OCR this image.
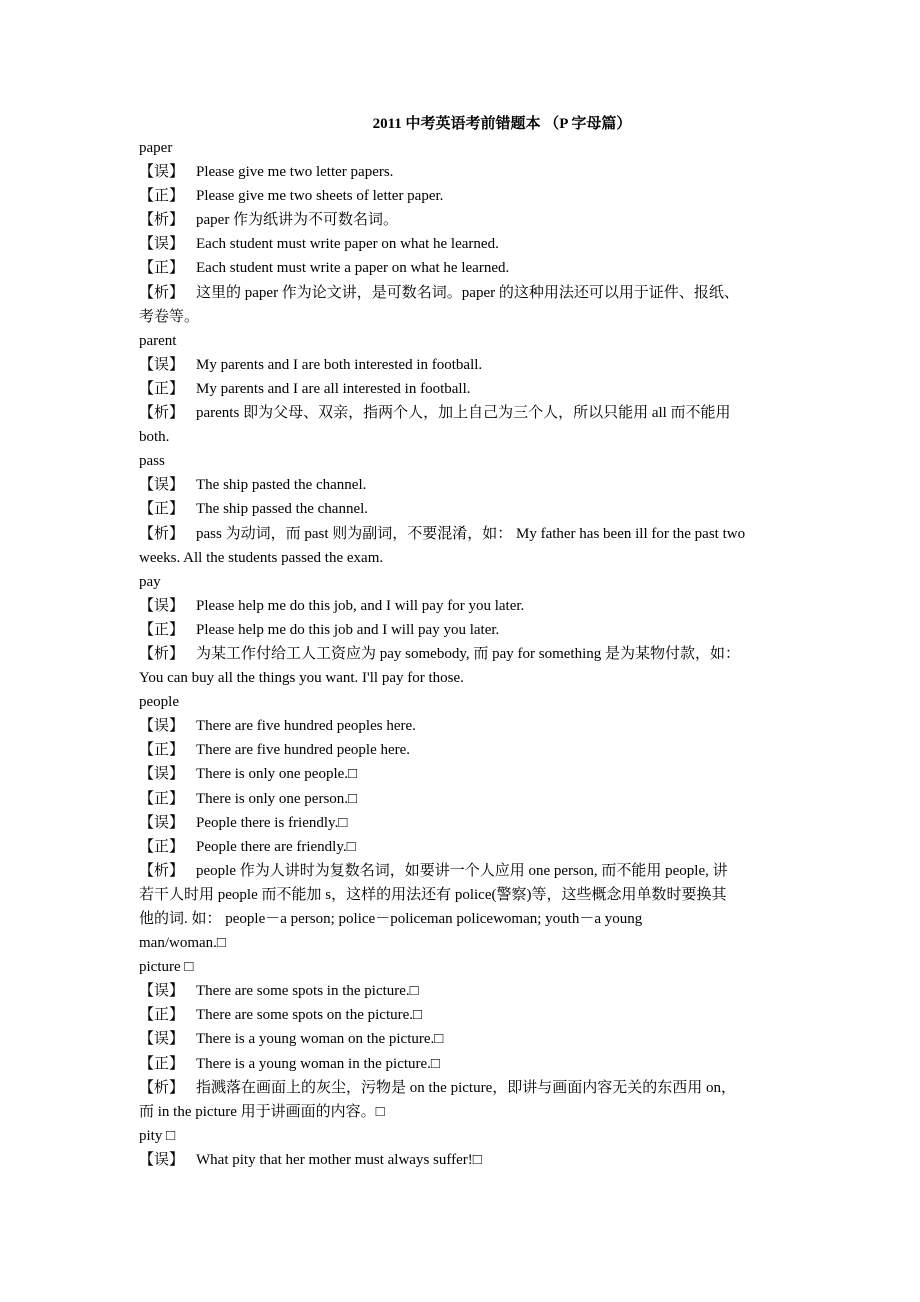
2011 中考英语考前错题本 （P 字母篇）
paper
【误】 Please give me two letter papers.
【正】 Please give me two sheets of letter paper.
【析】 paper 作为纸讲为不可数名词。
【误】 Each student must write paper on what he learned.
【正】 Each student must write a paper on what he learned.
【析】 这里的 paper 作为论文讲，是可数名词。paper 的这种用法还可以用于证件、报纸、
考卷等。
parent
【误】 My parents and I are both interested in football.
【正】 My parents and I are all interested in football.
【析】 parents 即为父母、双亲，指两个人，加上自己为三个人，所以只能用 all 而不能用
both.
pass
【误】 The ship pasted the channel.
【正】 The ship passed the channel.
【析】 pass 为动词，而 past 则为副词，不要混淆，如： My father has been ill for the past two
weeks. All the students passed the exam.
pay
【误】 Please help me do this job, and I will pay for you later.
【正】 Please help me do this job and I will pay you later.
【析】 为某工作付给工人工资应为 pay somebody, 而 pay for something 是为某物付款，如：
You can buy all the things you want. I'll pay for those.
people
【误】 There are five hundred peoples here.
【正】 There are five hundred people here.
【误】 There is only one people.□
【正】 There is only one person.□
【误】 People there is friendly.□
【正】 People there are friendly.□
【析】 people 作为人讲时为复数名词，如要讲一个人应用 one person, 而不能用 people, 讲
若干人时用 people 而不能加 s，这样的用法还有 police(警察)等，这些概念用单数时要换其
他的词. 如： people－a person; police－policeman policewoman; youth－a young
man/woman.□
picture □
【误】 There are some spots in the picture.□
【正】 There are some spots on the picture.□
【误】 There is a young woman on the picture.□
【正】 There is a young woman in the picture.□
【析】 指溅落在画面上的灰尘，污物是 on the picture，即讲与画面内容无关的东西用 on，
而 in the picture 用于讲画面的内容。□
pity □
【误】 What pity that her mother must always suffer!□
